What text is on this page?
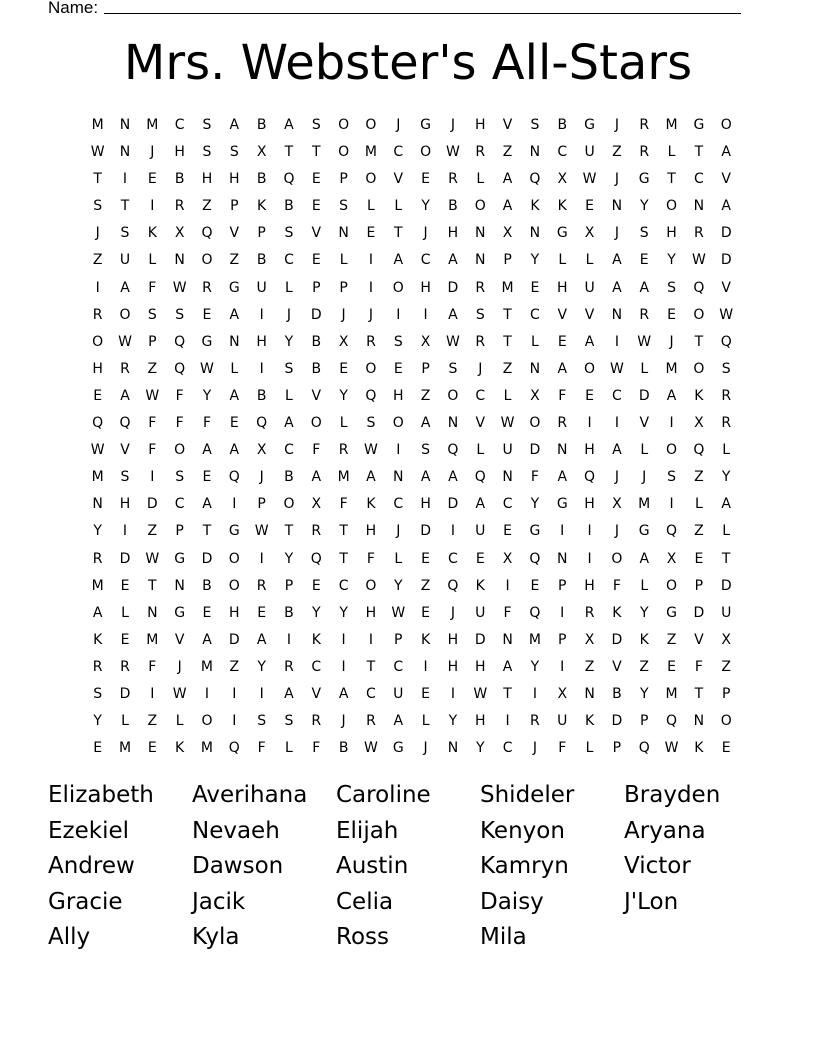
Name:
Mrs. Webster's All-Stars
M	N	M	C	S	A	B	A	S	O	O	J	G	J	H	V	S	B	G	J	R	M	G	O
W	N	J	H	S	S	X	T	T	O	M	C	O	W	R	Z	N	C	U	Z	R	L	T	A
T	I	E	B	H	H	B	Q	E	P	O	V	E	R	L	A	Q	X	W	J	G	T	C	V
S	T	I	R	Z	P	K	B	E	S	L	L	Y	B	O	A	K	K	E	N	Y	O	N	A
J	S	K	X	Q	V	P	S	V	N	E	T	J	H	N	X	N	G	X	J	S	H	R	D
Z	U	L	N	O	Z	B	C	E	L	I	A	C	A	N	P	Y	L	L	A	E	Y	W	D
I	A	F	W	R	G	U	L	P	P	I	O	H	D	R	M	E	H	U	A	A	S	Q	V
R	O	S	S	E	A	I	J	D	J	J	I	I	A	S	T	C	V	V	N	R	E	O	W
O	W	P	Q	G	N	H	Y	B	X	R	S	X	W	R	T	L	E	A	I	W	J	T	Q
H	R	Z	Q	W	L	I	S	B	E	O	E	P	S	J	Z	N	A	O	W	L	M	O	S
E	A	W	F	Y	A	B	L	V	Y	Q	H	Z	O	C	L	X	F	E	C	D	A	K	R
Q	Q	F	F	F	E	Q	A	O	L	S	O	A	N	V	W	O	R	I	I	V	I	X	R
W	V	F	O	A	A	X	C	F	R	W	I	S	Q	L	U	D	N	H	A	L	O	Q	L
M	S	I	S	E	Q	J	B	A	M	A	N	A	A	Q	N	F	A	Q	J	J	S	Z	Y
N	H	D	C	A	I	P	O	X	F	K	C	H	D	A	C	Y	G	H	X	M	I	L	A
Y	I	Z	P	T	G	W	T	R	T	H	J	D	I	U	E	G	I	I	J	G	Q	Z	L
R	D	W	G	D	O	I	Y	Q	T	F	L	E	C	E	X	Q	N	I	O	A	X	E	T
M	E	T	N	B	O	R	P	E	C	O	Y	Z	Q	K	I	E	P	H	F	L	O	P	D
A	L	N	G	E	H	E	B	Y	Y	H	W	E	J	U	F	Q	I	R	K	Y	G	D	U
K	E	M	V	A	D	A	I	K	I	I	P	K	H	D	N	M	P	X	D	K	Z	V	X
R	R	F	J	M	Z	Y	R	C	I	T	C	I	H	H	A	Y	I	Z	V	Z	E	F	Z
S	D	I	W	I	I	I	A	V	A	C	U	E	I	W	T	I	X	N	B	Y	M	T	P
Y	L	Z	L	O	I	S	S	R	J	R	A	L	Y	H	I	R	U	K	D	P	Q	N	O
E	M	E	K	M	Q	F	L	F	B	W	G	J	N	Y	C	J	F	L	P	Q	W	K	E
Elizabeth	Averihana	Caroline	Shideler	Brayden
Ezekiel	Nevaeh	Elijah	Kenyon	Aryana
Andrew	Dawson	Austin	Kamryn	Victor
Gracie	Jacik	Celia	Daisy	J'Lon
Ally	Kyla	Ross	Mila
